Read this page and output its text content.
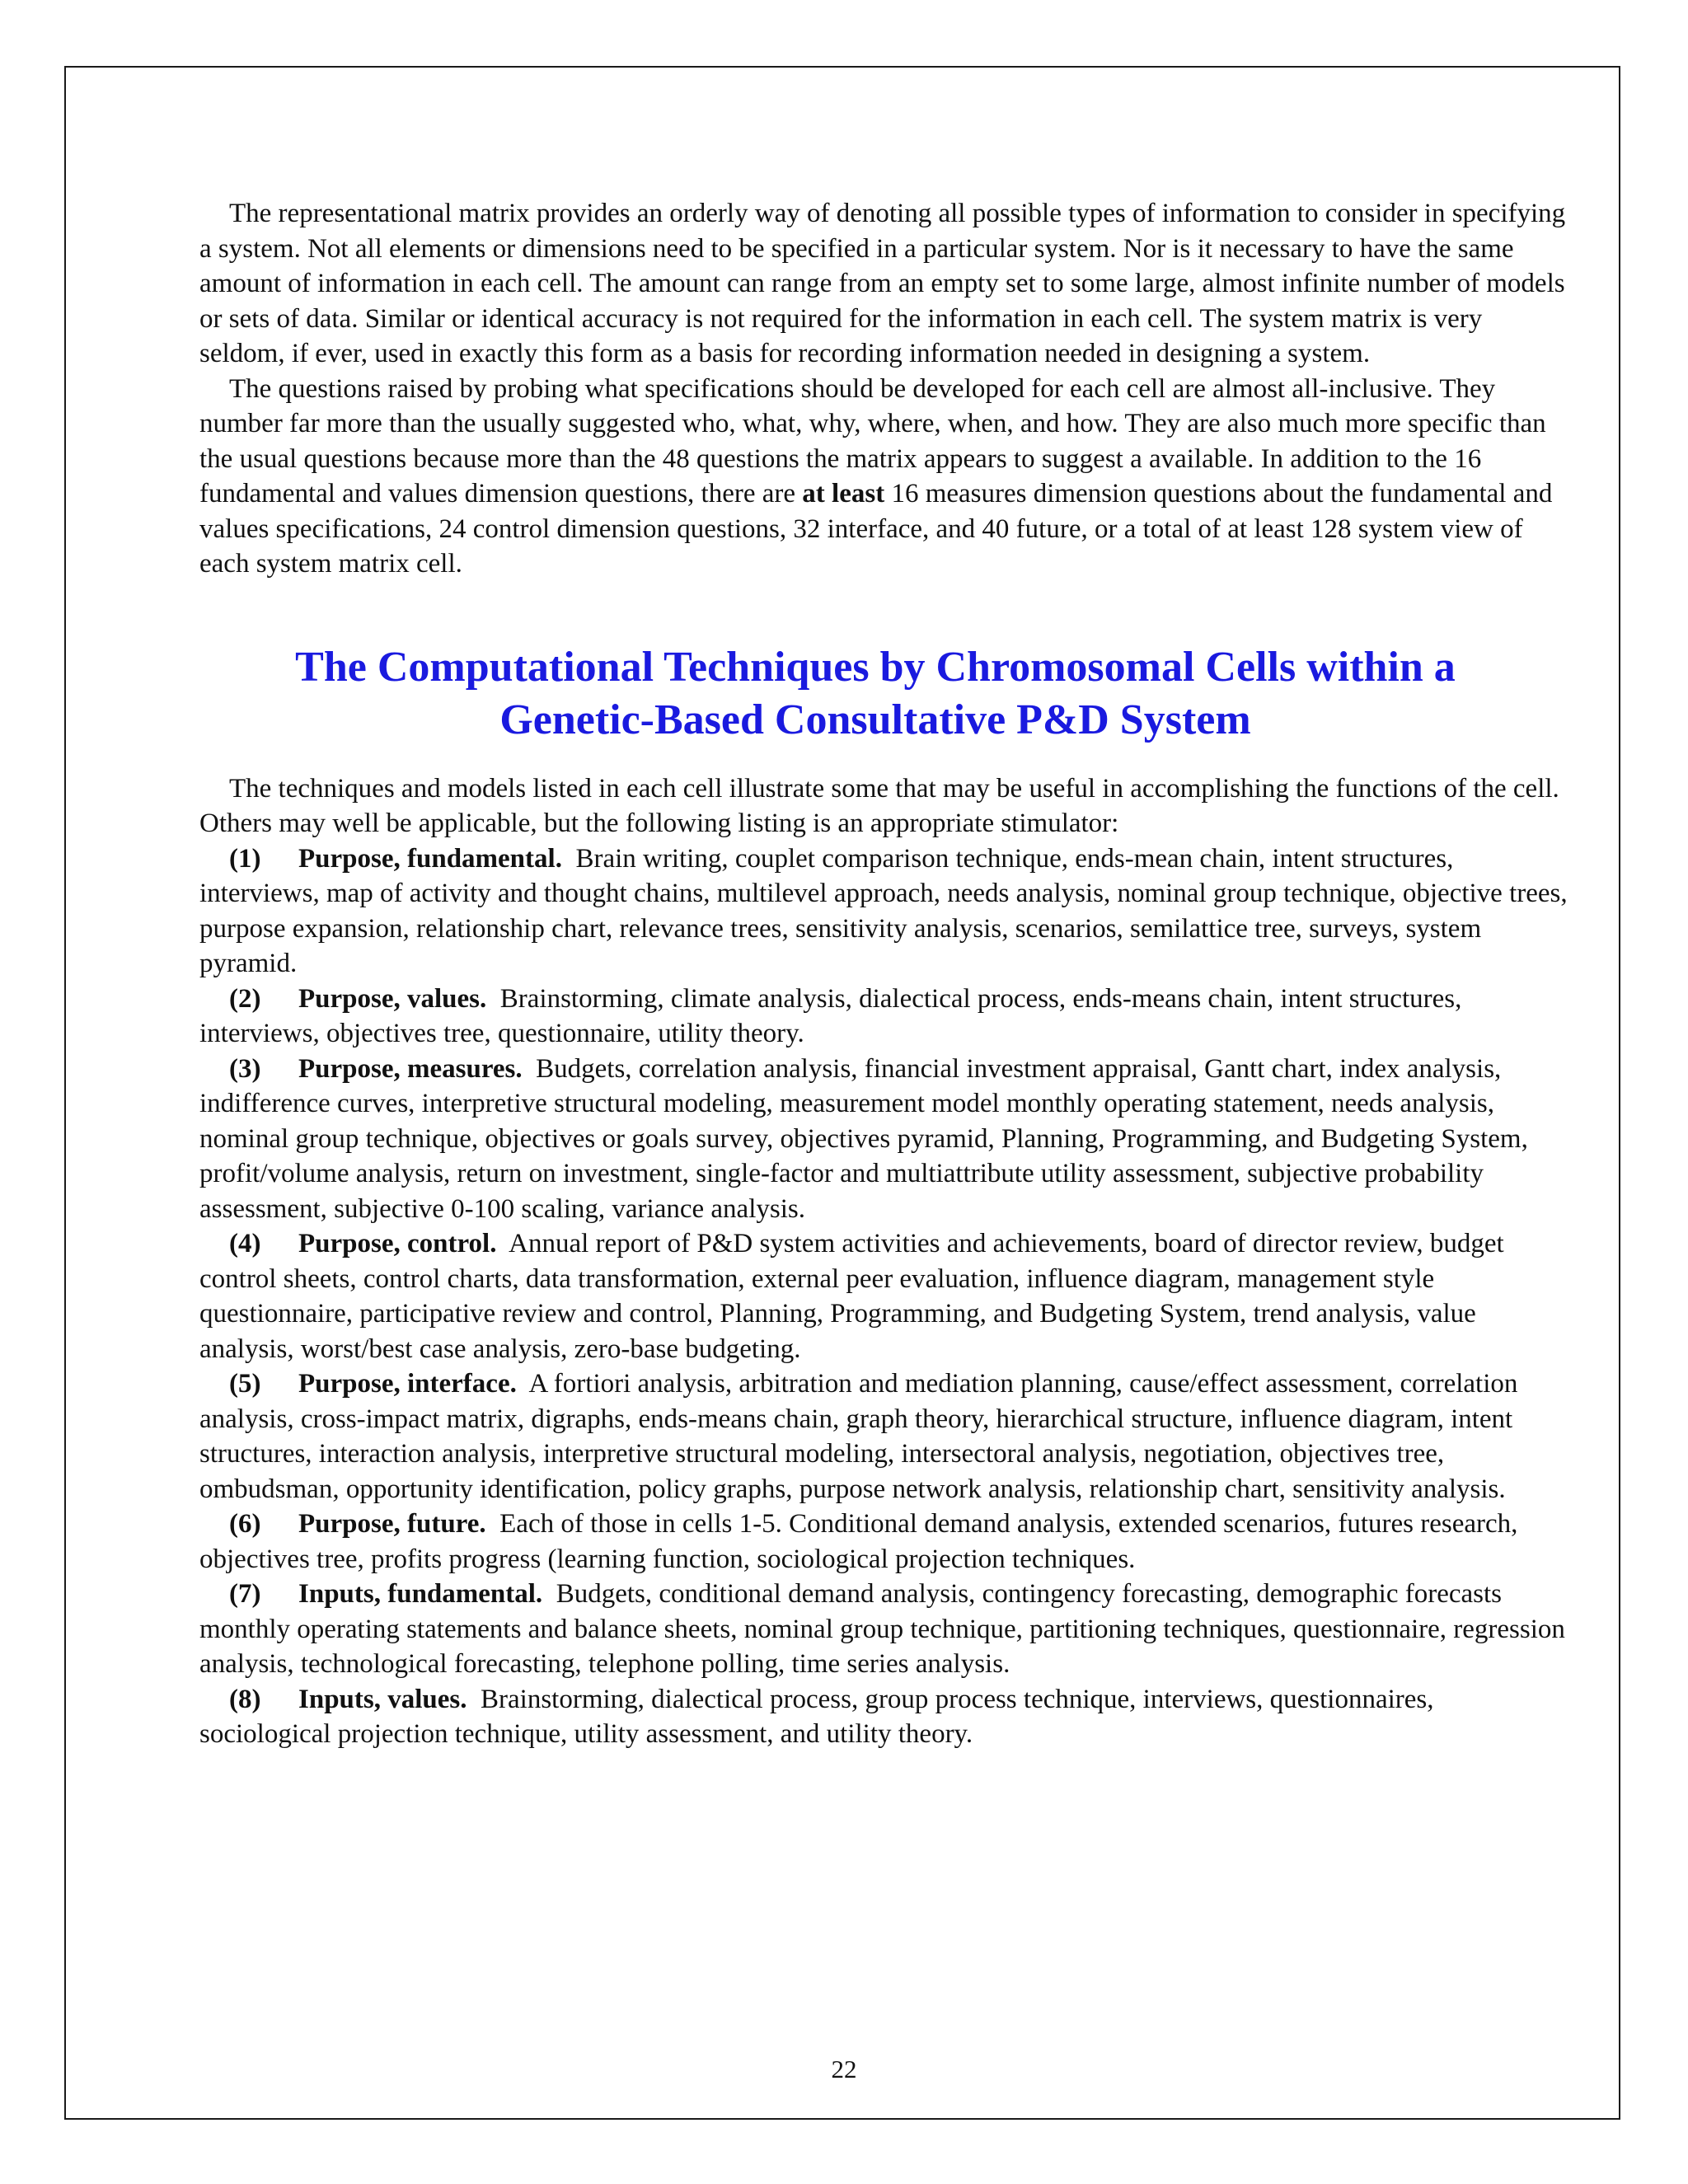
The representational matrix provides an orderly way of denoting all possible types of information to consider in specifying a system. Not all elements or dimensions need to be specified in a particular system. Nor is it necessary to have the same amount of information in each cell. The amount can range from an empty set to some large, almost infinite number of models or sets of data. Similar or identical accuracy is not required for the information in each cell. The system matrix is very seldom, if ever, used in exactly this form as a basis for recording information needed in designing a system.

The questions raised by probing what specifications should be developed for each cell are almost all-inclusive. They number far more than the usually suggested who, what, why, where, when, and how. They are also much more specific than the usual questions because more than the 48 questions the matrix appears to suggest a available. In addition to the 16 fundamental and values dimension questions, there are at least 16 measures dimension questions about the fundamental and values specifications, 24 control dimension questions, 32 interface, and 40 future, or a total of at least 128 system view of each system matrix cell.

The Computational Techniques by Chromosomal Cells within a
Genetic-Based Consultative P&D System

The techniques and models listed in each cell illustrate some that may be useful in accomplishing the functions of the cell. Others may well be applicable, but the following listing is an appropriate stimulator:

(1) Purpose, fundamental. Brain writing, couplet comparison technique, ends-mean chain, intent structures, interviews, map of activity and thought chains, multilevel approach, needs analysis, nominal group technique, objective trees, purpose expansion, relationship chart, relevance trees, sensitivity analysis, scenarios, semilattice tree, surveys, system pyramid.

(2) Purpose, values. Brainstorming, climate analysis, dialectical process, ends-means chain, intent structures, interviews, objectives tree, questionnaire, utility theory.

(3) Purpose, measures. Budgets, correlation analysis, financial investment appraisal, Gantt chart, index analysis, indifference curves, interpretive structural modeling, measurement model monthly operating statement, needs analysis, nominal group technique, objectives or goals survey, objectives pyramid, Planning, Programming, and Budgeting System, profit/volume analysis, return on investment, single-factor and multiattribute utility assessment, subjective probability assessment, subjective 0-100 scaling, variance analysis.

(4) Purpose, control. Annual report of P&D system activities and achievements, board of director review, budget control sheets, control charts, data transformation, external peer evaluation, influence diagram, management style questionnaire, participative review and control, Planning, Programming, and Budgeting System, trend analysis, value analysis, worst/best case analysis, zero-base budgeting.

(5) Purpose, interface. A fortiori analysis, arbitration and mediation planning, cause/effect assessment, correlation analysis, cross-impact matrix, digraphs, ends-means chain, graph theory, hierarchical structure, influence diagram, intent structures, interaction analysis, interpretive structural modeling, intersectoral analysis, negotiation, objectives tree, ombudsman, opportunity identification, policy graphs, purpose network analysis, relationship chart, sensitivity analysis.

(6) Purpose, future. Each of those in cells 1-5. Conditional demand analysis, extended scenarios, futures research, objectives tree, profits progress (learning function, sociological projection techniques.

(7) Inputs, fundamental. Budgets, conditional demand analysis, contingency forecasting, demographic forecasts monthly operating statements and balance sheets, nominal group technique, partitioning techniques, questionnaire, regression analysis, technological forecasting, telephone polling, time series analysis.

(8) Inputs, values. Brainstorming, dialectical process, group process technique, interviews, questionnaires, sociological projection technique, utility assessment, and utility theory.

22
